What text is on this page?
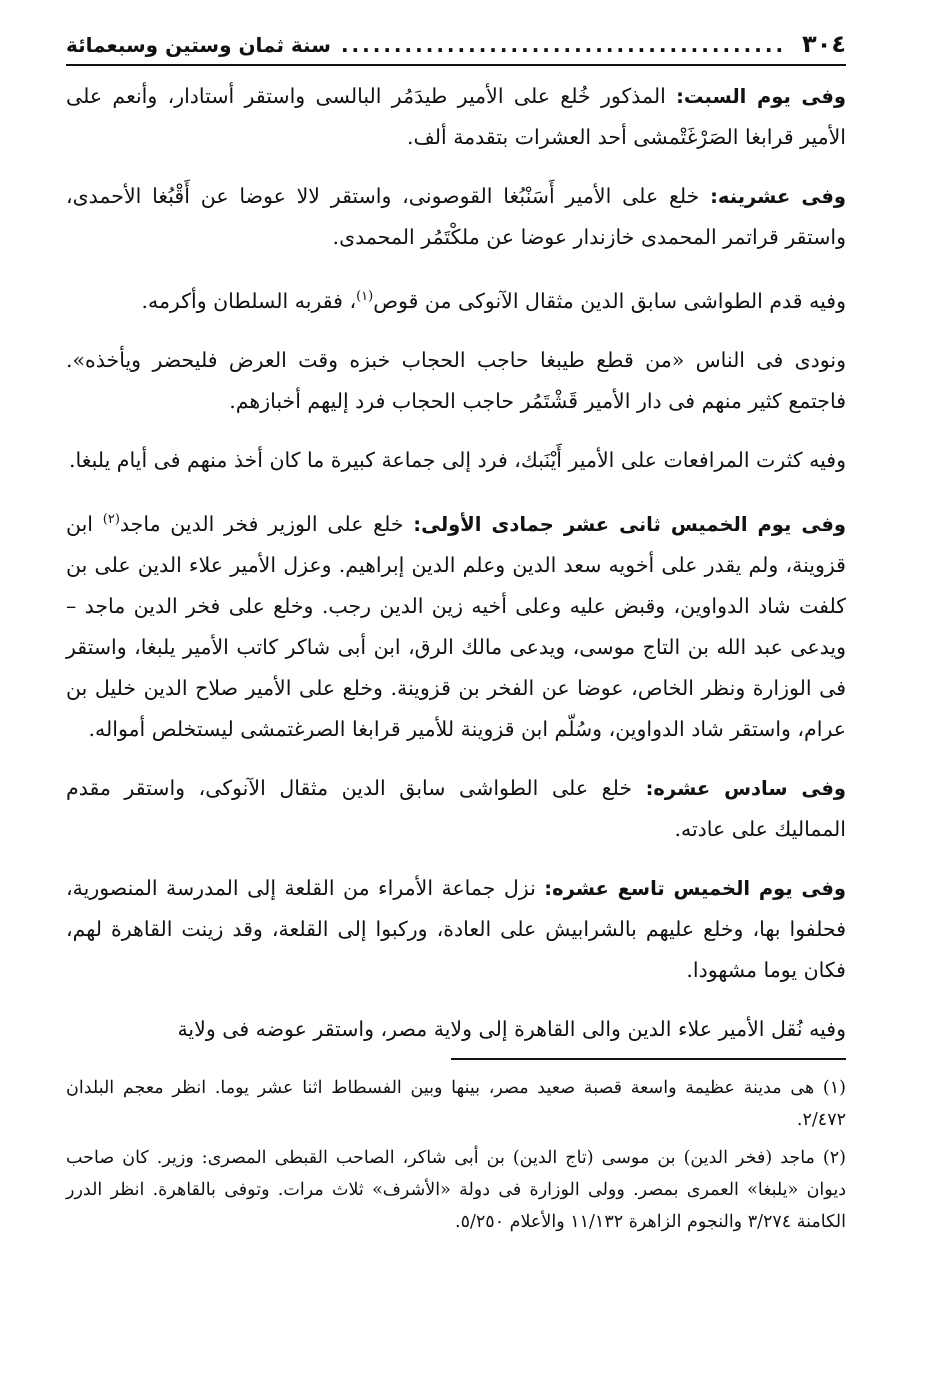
٣٠٤
.....
سنة ثمان وستين وسبعمائة

وفى يوم السبت: المذكور خُلع على الأمير طيدَمُر البالسى واستقر أستادار، وأنعم على الأمير قرابغا الصَرْغَتْمشى أحد العشرات بتقدمة ألف.

وفى عشرينه: خلع على الأمير أَسَنْبُغا القوصونى، واستقر لالا عوضا عن أَقْبُغا الأحمدى، واستقر قراتمر المحمدى خازندار عوضا عن ملكْتَمُر المحمدى.

وفيه قدم الطواشى سابق الدين مثقال الآنوكى من قوص$^{(١)}$، فقربه السلطان وأكرمه.

ونودى فى الناس «من قطع طيبغا حاجب الحجاب خبزه وقت العرض فليحضر ويأخذه». فاجتمع كثير منهم فى دار الأمير قَشْتَمُر حاجب الحجاب فرد إليهم أخبازهم.

وفيه كثرت المرافعات على الأمير أَيْنَبك، فرد إلى جماعة كبيرة ما كان أخذ منهم فى أيام يلبغا.

وفى يوم الخميس ثانى عشر جمادى الأولى: خلع على الوزير فخر الدين ماجد$^{(٢)}$ ابن قزوينة، ولم يقدر على أخويه سعد الدين وعلم الدين إبراهيم. وعزل الأمير علاء الدين على بن كلفت شاد الدواوين، وقبض عليه وعلى أخيه زين الدين رجب. وخلع على فخر الدين ماجد – ويدعى عبد الله بن التاج موسى، ويدعى مالك الرق، ابن أبى شاكر كاتب الأمير يلبغا، واستقر فى الوزارة ونظر الخاص، عوضا عن الفخر بن قزوينة. وخلع على الأمير صلاح الدين خليل بن عرام، واستقر شاد الدواوين، وسُلّم ابن قزوينة للأمير قرابغا الصرغتمشى ليستخلص أمواله.

وفى سادس عشره: خلع على الطواشى سابق الدين مثقال الآنوكى، واستقر مقدم المماليك على عادته.

وفى يوم الخميس تاسع عشره: نزل جماعة الأمراء من القلعة إلى المدرسة المنصورية، فحلفوا بها، وخلع عليهم بالشرابيش على العادة، وركبوا إلى القلعة، وقد زينت القاهرة لهم، فكان يوما مشهودا.

وفيه نُقل الأمير علاء الدين والى القاهرة إلى ولاية مصر، واستقر عوضه فى ولاية

(١) هى مدينة عظيمة واسعة قصبة صعيد مصر، بينها وبين الفسطاط اثنا عشر يوما. انظر معجم البلدان ٢/٤٧٢.

(٢) ماجد (فخر الدين) بن موسى (تاج الدين) بن أبى شاكر، الصاحب القبطى المصرى: وزير. كان صاحب ديوان «يلبغا» العمرى بمصر. وولى الوزارة فى دولة «الأشرف» ثلاث مرات. وتوفى بالقاهرة. انظر الدرر الكامنة ٣/٢٧٤ والنجوم الزاهرة ١١/١٣٢ والأعلام ٥/٢٥٠.
